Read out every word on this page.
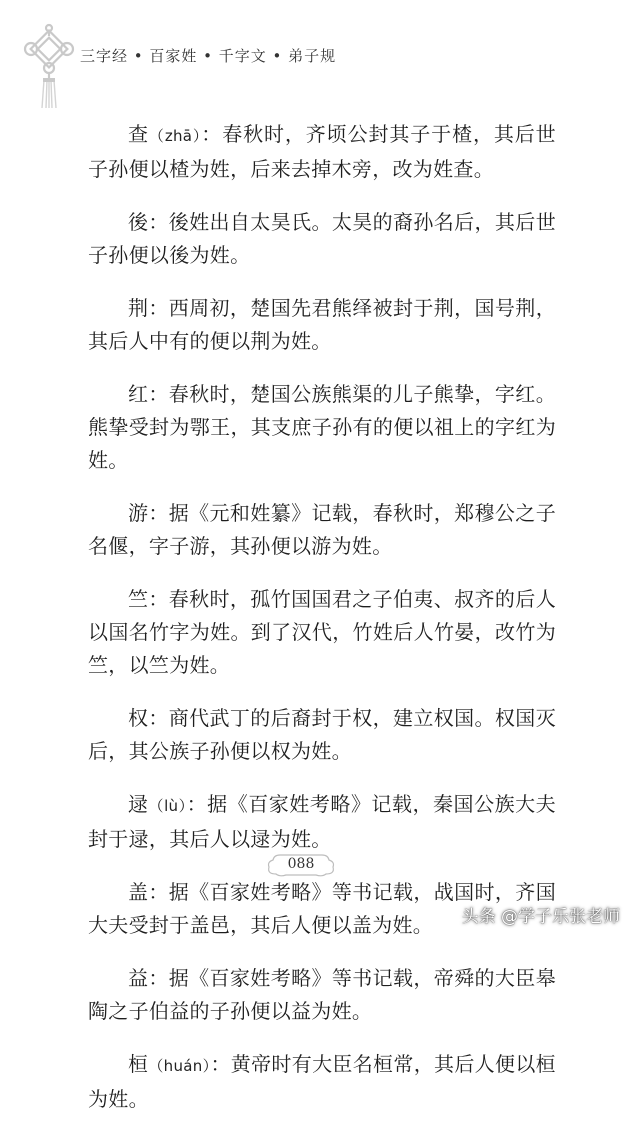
三字经 • 百家姓 • 千字文 • 弟子规

查（zhā）：春秋时，齐顷公封其子于楂，其后世子孙便以楂为姓，后来去掉木旁，改为姓查。

後：後姓出自太昊氏。太昊的裔孙名后，其后世子孙便以後为姓。

荆：西周初，楚国先君熊绎被封于荆，国号荆，其后人中有的便以荆为姓。

红：春秋时，楚国公族熊渠的儿子熊挚，字红。熊挚受封为鄂王，其支庶子孙有的便以祖上的字红为姓。

游：据《元和姓纂》记载，春秋时，郑穆公之子名偃，字子游，其孙便以游为姓。

竺：春秋时，孤竹国国君之子伯夷、叔齐的后人以国名竹字为姓。到了汉代，竹姓后人竹晏，改竹为竺，以竺为姓。

权：商代武丁的后裔封于权，建立权国。权国灭后，其公族子孙便以权为姓。

逯（lù）：据《百家姓考略》记载，秦国公族大夫封于逯，其后人以逯为姓。

盖：据《百家姓考略》等书记载，战国时，齐国大夫受封于盖邑，其后人便以盖为姓。

益：据《百家姓考略》等书记载，帝舜的大臣皋陶之子伯益的子孙便以益为姓。

桓（huán）：黄帝时有大臣名桓常，其后人便以桓为姓。

088
头条 @学子乐张老师
